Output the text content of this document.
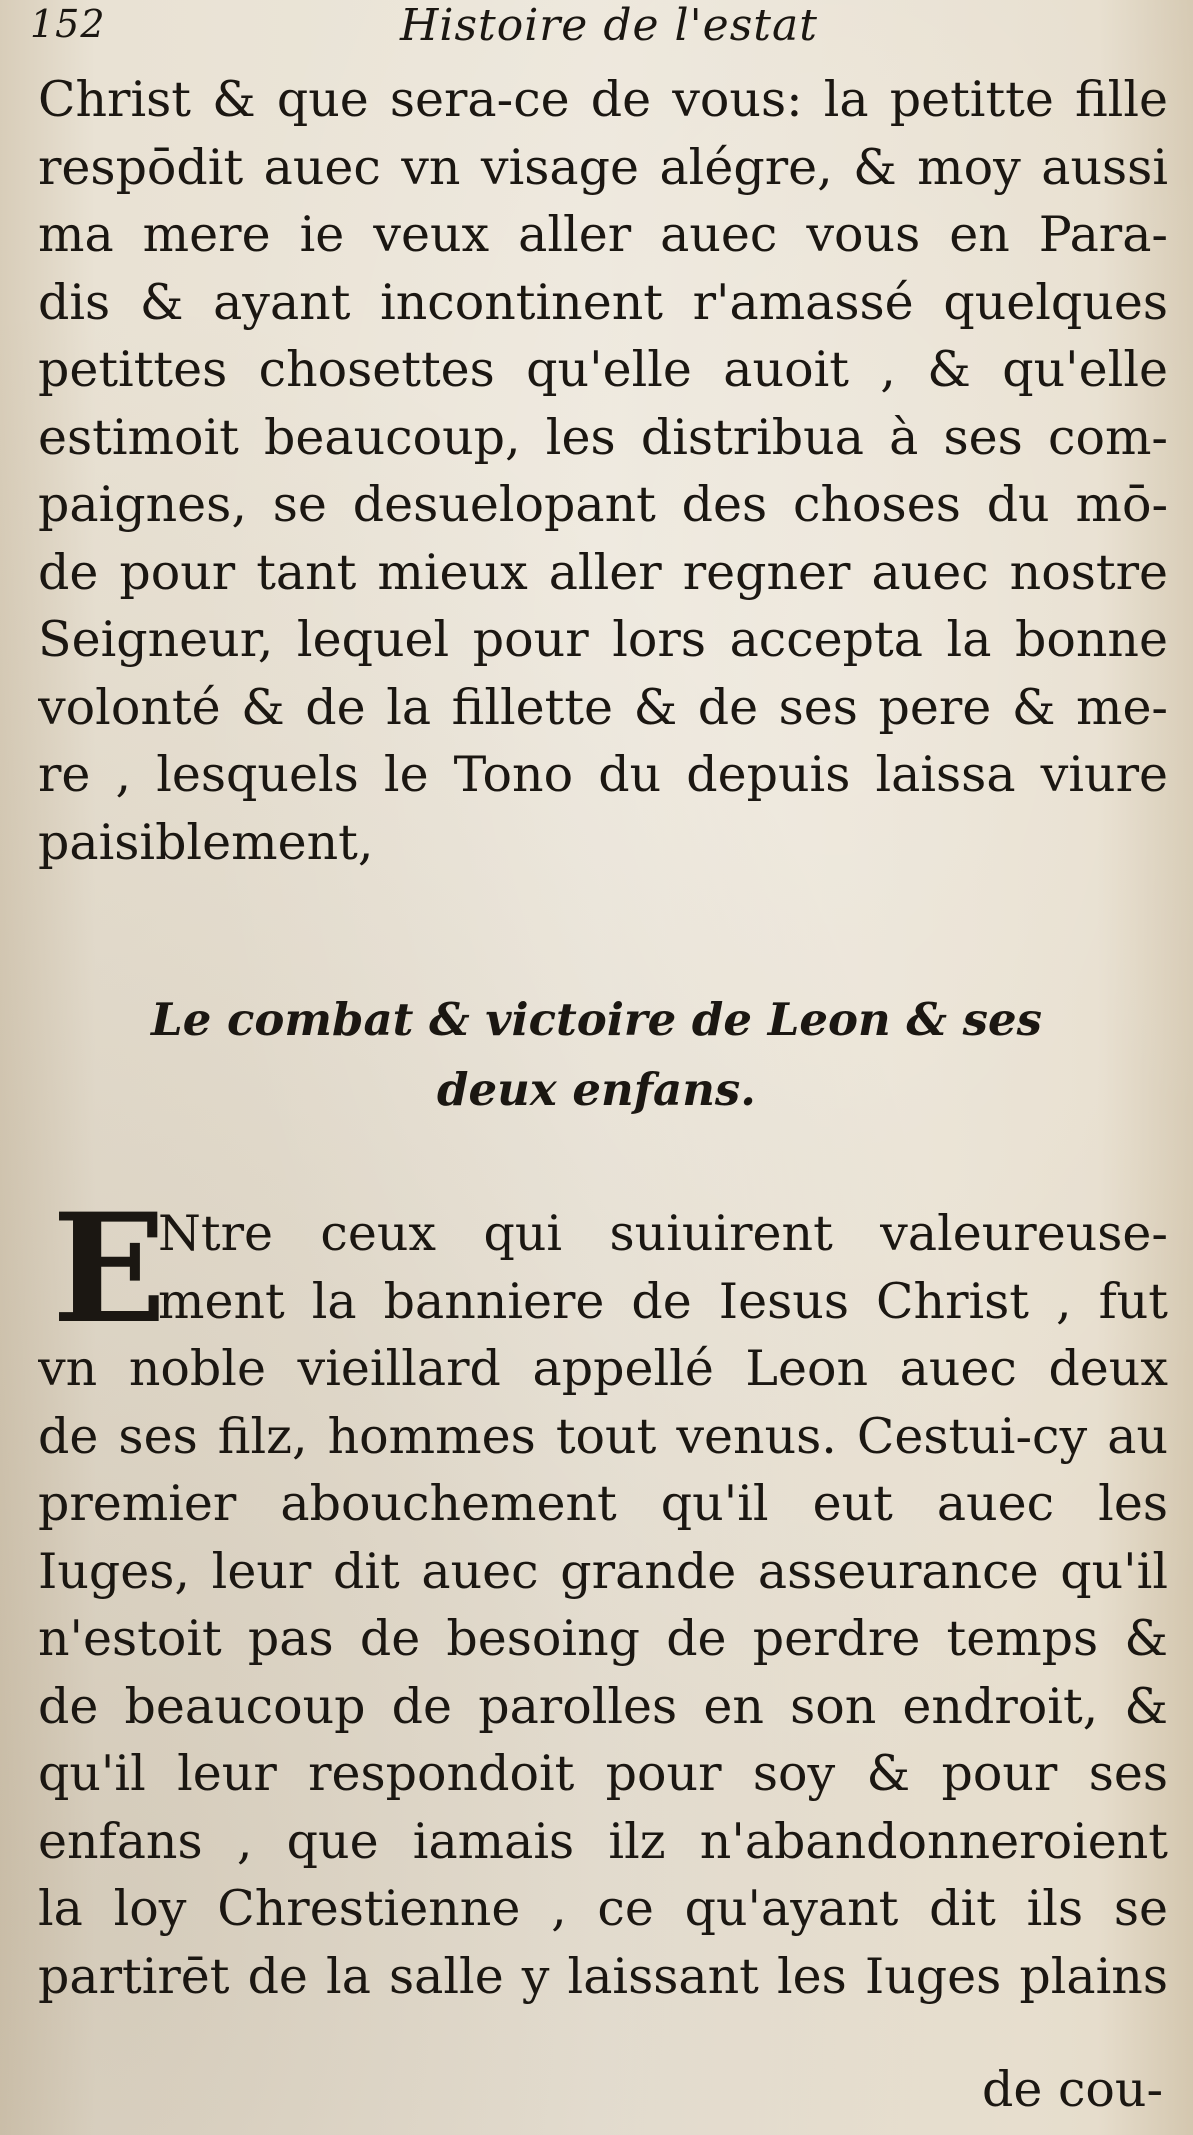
152	Histoire de l'estat
Christ & que sera-ce de vous: la petitte fille
respōdit auec vn visage alégre, & moy aussi
ma mere ie veux aller auec vous en Para-
dis & ayant incontinent r'amassé quelques
petittes chosettes qu'elle auoit , & qu'elle
estimoit beaucoup, les distribua à ses com-
paignes, se desuelopant des choses du mō-
de pour tant mieux aller regner auec nostre
Seigneur, lequel pour lors accepta la bonne
volonté & de la fillette & de ses pere & me-
re , lesquels le Tono du depuis laissa viure
paisiblement,
Le combat & victoire de Leon & ses
deux enfans.
E
Ntre ceux qui suiuirent valeureuse-
ment la banniere de Iesus Christ , fut
vn noble vieillard appellé Leon auec deux
de ses filz, hommes tout venus. Cestui-cy au
premier abouchement qu'il eut auec les
Iuges, leur dit auec grande asseurance qu'il
n'estoit pas de besoing de perdre temps &
de beaucoup de parolles en son endroit, &
qu'il leur respondoit pour soy & pour ses
enfans , que iamais ilz n'abandonneroient
la loy Chrestienne , ce qu'ayant dit ils se
partirēt de la salle y laissant les Iuges plains
de cou-
